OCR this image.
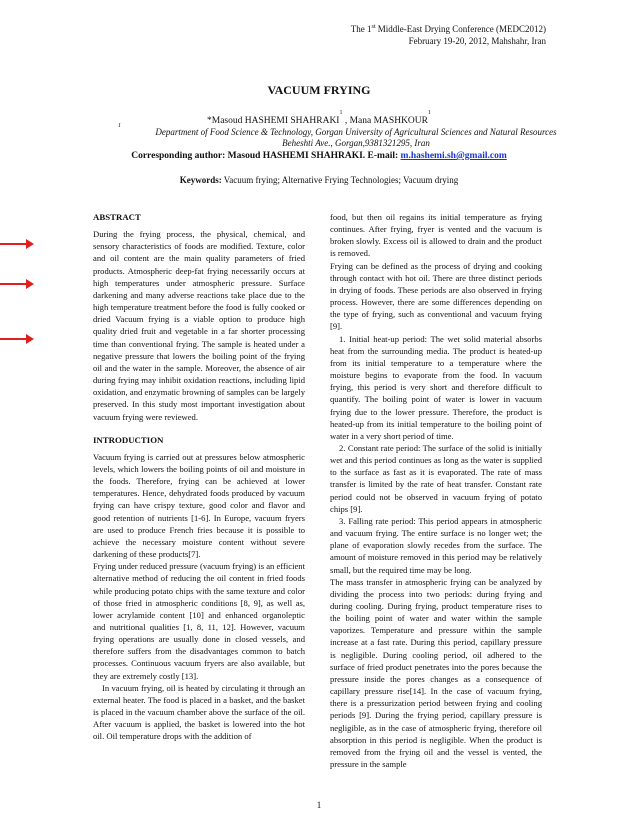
The 1st Middle-East Drying Conference (MEDC2012)
February 19-20, 2012, Mahshahr, Iran
VACUUM FRYING
*Masoud HASHEMI SHAHRAKI$^1$ , Mana MASHKOUR$^1$
1
Department of Food Science & Technology, Gorgan University of Agricultural Sciences and Natural Resources
Beheshti Ave., Gorgan,9381321295, Iran
Corresponding author: Masoud HASHEMI SHAHRAKI. E-mail: m.hashemi.sh@gmail.com
Keywords: Vacuum frying; Alternative Frying Technologies; Vacuum drying
ABSTRACT

During the frying process, the physical, chemical, and sensory characteristics of foods are modified. Texture, color and oil content are the main quality parameters of fried products. Atmospheric deep-fat frying necessarily occurs at high temperatures under atmospheric pressure. Surface darkening and many adverse reactions take place due to the high temperature treatment before the food is fully cooked or dried Vacuum frying is a viable option to produce high quality dried fruit and vegetable in a far shorter processing time than conventional frying. The sample is heated under a negative pressure that lowers the boiling point of the frying oil and the water in the sample. Moreover, the absence of air during frying may inhibit oxidation reactions, including lipid oxidation, and enzymatic browning of samples can be largely preserved. In this study most important investigation about vacuum frying were reviewed.

INTRODUCTION

Vacuum frying is carried out at pressures below atmospheric levels, which lowers the boiling points of oil and moisture in the foods. Therefore, frying can be achieved at lower temperatures. Hence, dehydrated foods produced by vacuum frying can have crispy texture, good color and flavor and good retention of nutrients [1-6]. In Europe, vacuum fryers are used to produce French fries because it is possible to achieve the necessary moisture content without severe darkening of these products[7].

Frying under reduced pressure (vacuum frying) is an efficient alternative method of reducing the oil content in fried foods while producing potato chips with the same texture and color of those fried in atmospheric conditions [8, 9], as well as, lower acrylamide content [10] and enhanced organoleptic and nutritional qualities [1, 8, 11, 12]. However, vacuum frying operations are usually done in closed vessels, and therefore suffers from the disadvantages common to batch processes. Continuous vacuum fryers are also available, but they are extremely costly [13].

In vacuum frying, oil is heated by circulating it through an external heater. The food is placed in a basket, and the basket is placed in the vacuum chamber above the surface of the oil. After vacuum is applied, the basket is lowered into the hot oil. Oil temperature drops with the addition of

food, but then oil regains its initial temperature as frying continues. After frying, fryer is vented and the vacuum is broken slowly. Excess oil is allowed to drain and the product is removed.

Frying can be defined as the process of drying and cooking through contact with hot oil. There are three distinct periods in drying of foods. These periods are also observed in frying process. However, there are some differences depending on the type of frying, such as conventional and vacuum frying [9].

1. Initial heat-up period: The wet solid material absorbs heat from the surrounding media. The product is heated-up from its initial temperature to a temperature where the moisture begins to evaporate from the food. In vacuum frying, this period is very short and therefore difficult to quantify. The boiling point of water is lower in vacuum frying due to the lower pressure. Therefore, the product is heated-up from its initial temperature to the boiling point of water in a very short period of time.

2. Constant rate period: The surface of the solid is initially wet and this period continues as long as the water is supplied to the surface as fast as it is evaporated. The rate of mass transfer is limited by the rate of heat transfer. Constant rate period could not be observed in vacuum frying of potato chips [9].

3. Falling rate period: This period appears in atmospheric and vacuum frying. The entire surface is no longer wet; the plane of evaporation slowly recedes from the surface. The amount of moisture removed in this period may be relatively small, but the required time may be long.

The mass transfer in atmospheric frying can be analyzed by dividing the process into two periods: during frying and during cooling. During frying, product temperature rises to the boiling point of water and water within the sample vaporizes. Temperature and pressure within the sample increase at a fast rate. During this period, capillary pressure is negligible. During cooling period, oil adhered to the surface of fried product penetrates into the pores because the pressure inside the pores changes as a consequence of capillary pressure rise[14]. In the case of vacuum frying, there is a pressurization period between frying and cooling periods [9]. During the frying period, capillary pressure is negligible, as in the case of atmospheric frying, therefore oil absorption in this period is negligible. When the product is removed from the frying oil and the vessel is vented, the pressure in the sample

1
